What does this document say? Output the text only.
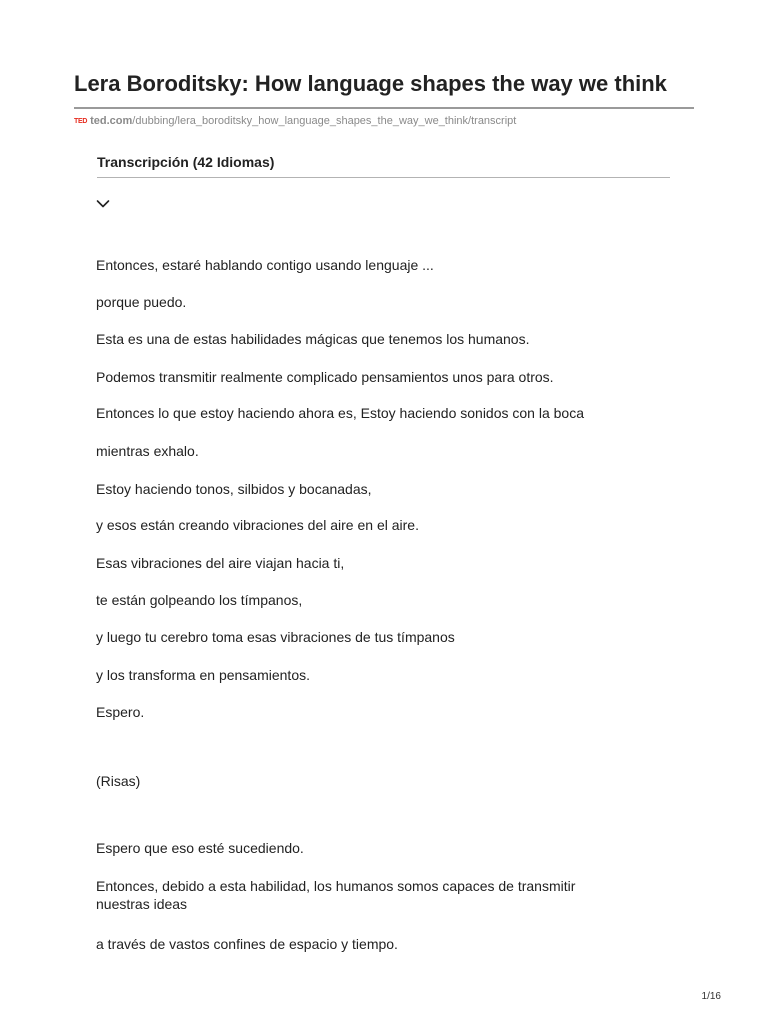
Lera Boroditsky: How language shapes the way we think
TED ted.com /dubbing/lera_boroditsky_how_language_shapes_the_way_we_think/transcript
Transcripción (42 Idiomas)
Entonces, estaré hablando contigo usando lenguaje ...
porque puedo.
Esta es una de estas habilidades mágicas que tenemos los humanos.
Podemos transmitir realmente complicado pensamientos unos para otros.
Entonces lo que estoy haciendo ahora es, Estoy haciendo sonidos con la boca
mientras exhalo.
Estoy haciendo tonos, silbidos y bocanadas,
y esos están creando vibraciones del aire en el aire.
Esas vibraciones del aire viajan hacia ti,
te están golpeando los tímpanos,
y luego tu cerebro toma esas vibraciones de tus tímpanos
y los transforma en pensamientos.
Espero.
(Risas)
Espero que eso esté sucediendo.
Entonces, debido a esta habilidad, los humanos somos capaces de transmitir nuestras ideas
a través de vastos confines de espacio y tiempo.
1/16
